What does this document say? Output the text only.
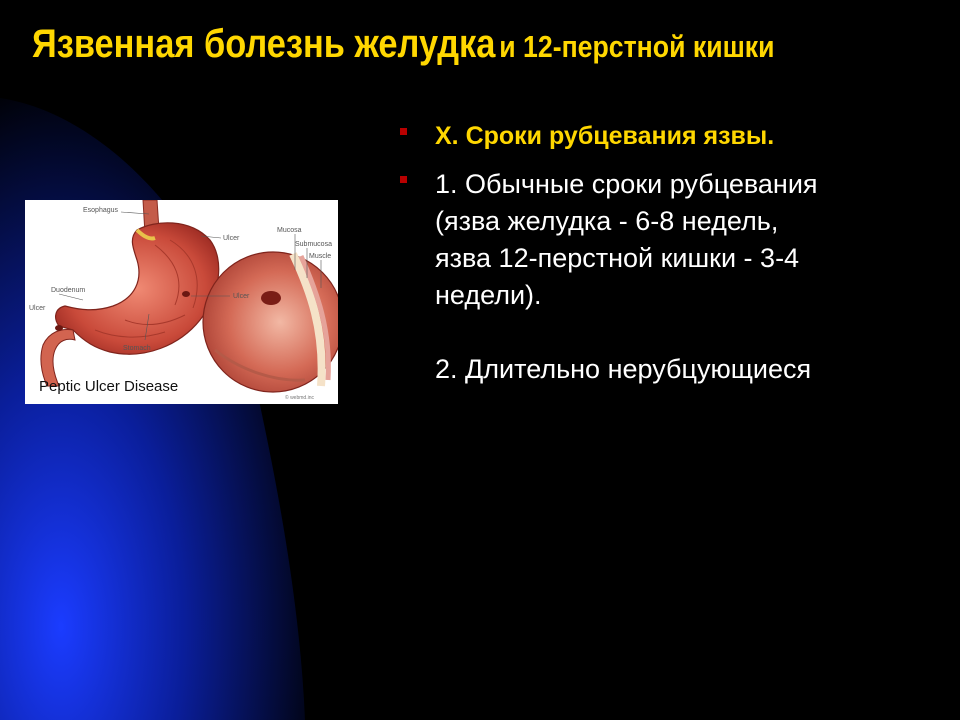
Язвенная болезнь желудка и 12-перстной кишки
X. Сроки рубцевания язвы.
1. Обычные сроки рубцевания
(язва желудка - 6-8 недель,
язва 12-перстной кишки - 3-4
недели).
2. Длительно нерубцующиеся
Esophagus
Ulcer
Mucosa
Submucosa
Muscle
Duodenum
Ulcer
Ulcer
Stomach
Peptic Ulcer Disease
© webmd.inc
